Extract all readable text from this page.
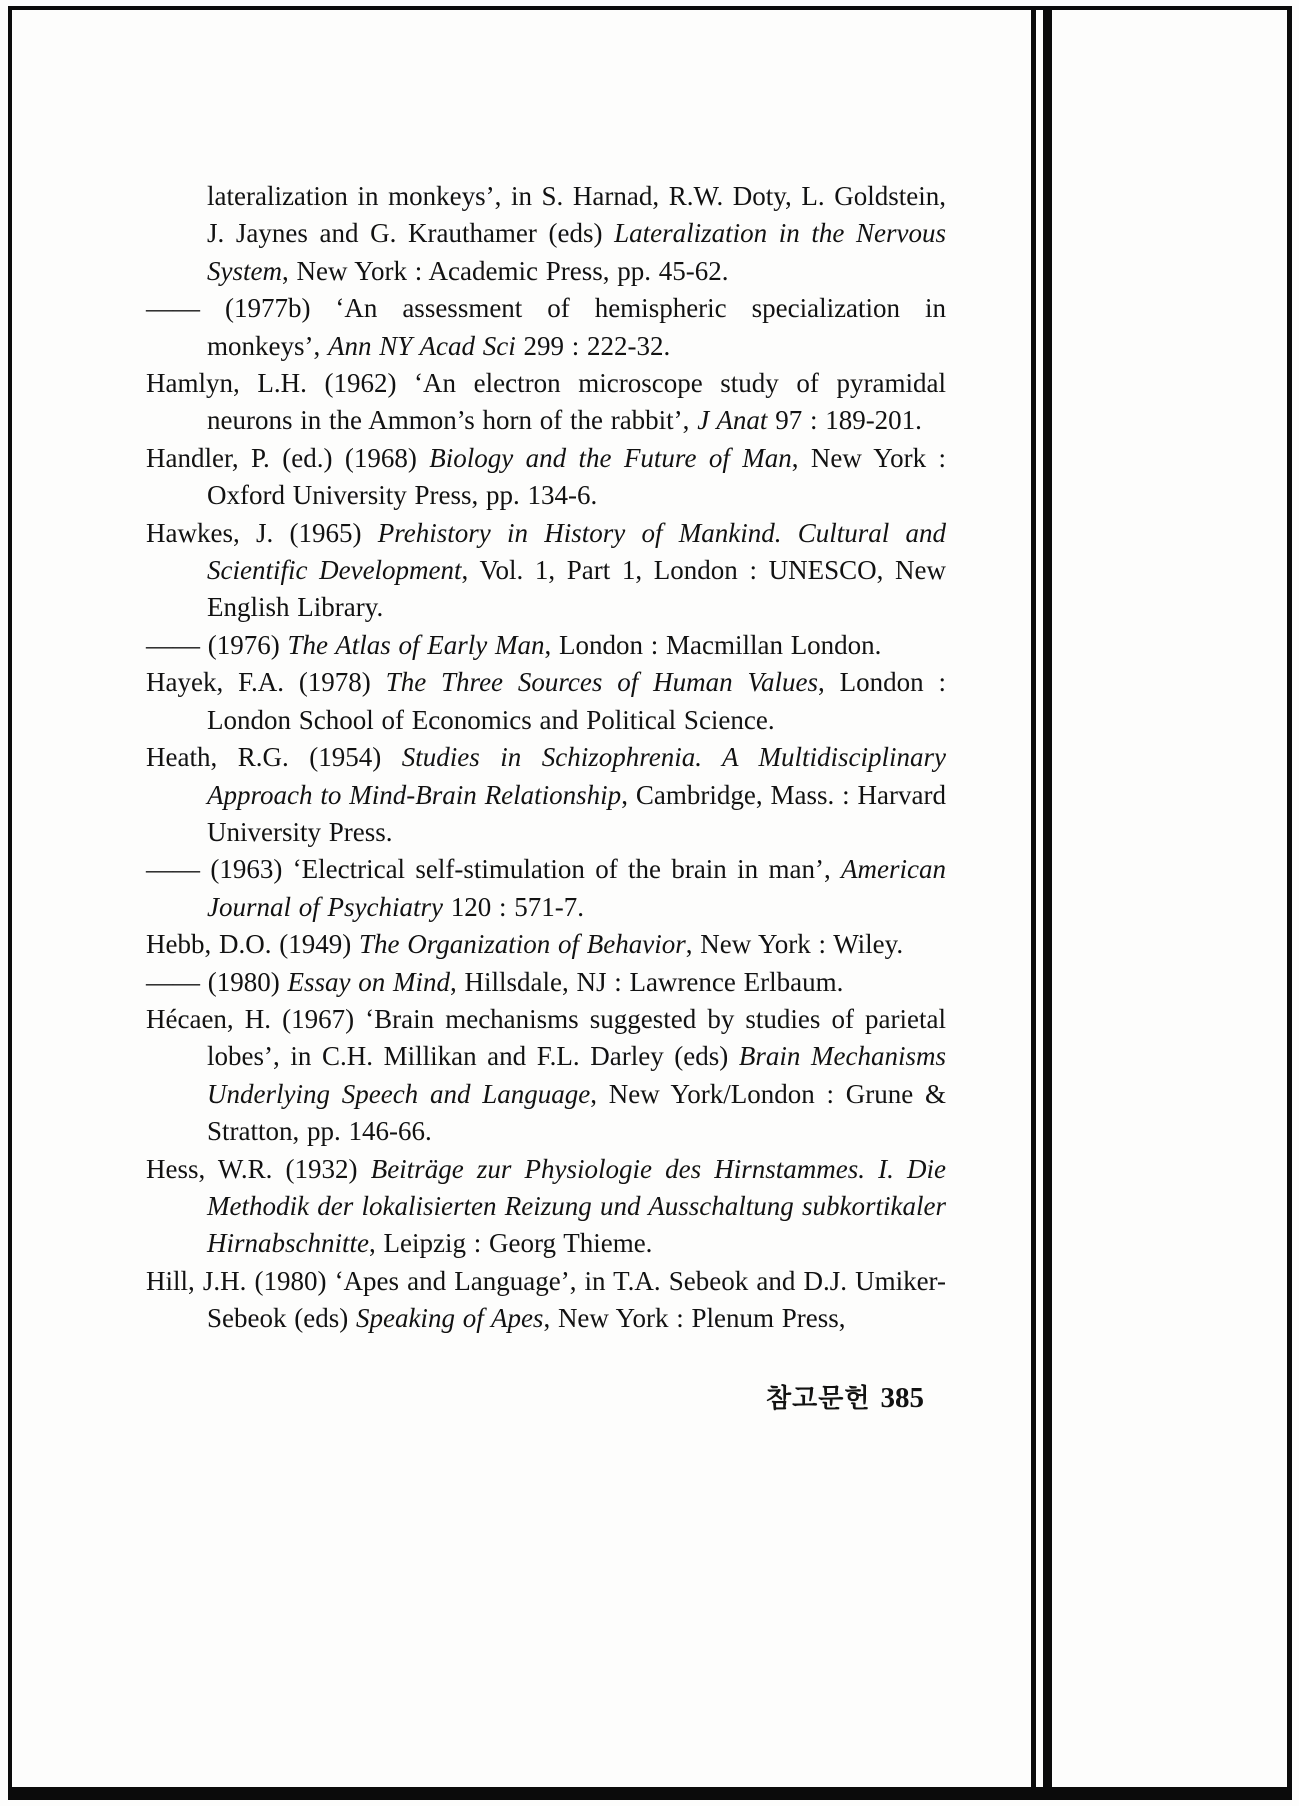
lateralization in monkeys’, in S. Harnad, R.W. Doty, L. Goldstein, J. Jaynes and G. Krauthamer (eds) Lateralization in the Nervous System, New York : Academic Press, pp. 45-62.

—— (1977b) ‘An assessment of hemispheric specialization in monkeys’, Ann NY Acad Sci 299 : 222-32.

Hamlyn, L.H. (1962) ‘An electron microscope study of pyramidal neurons in the Ammon’s horn of the rabbit’, J Anat 97 : 189-201.

Handler, P. (ed.) (1968) Biology and the Future of Man, New York : Oxford University Press, pp. 134-6.

Hawkes, J. (1965) Prehistory in History of Mankind. Cultural and Scientific Development, Vol. 1, Part 1, London : UNESCO, New English Library.

—— (1976) The Atlas of Early Man, London : Macmillan London.

Hayek, F.A. (1978) The Three Sources of Human Values, London : London School of Economics and Political Science.

Heath, R.G. (1954) Studies in Schizophrenia. A Multidisciplinary Approach to Mind-Brain Relationship, Cambridge, Mass. : Harvard University Press.

—— (1963) ‘Electrical self-stimulation of the brain in man’, American Journal of Psychiatry 120 : 571-7.

Hebb, D.O. (1949) The Organization of Behavior, New York : Wiley.

—— (1980) Essay on Mind, Hillsdale, NJ : Lawrence Erlbaum.

Hécaen, H. (1967) ‘Brain mechanisms suggested by studies of parietal lobes’, in C.H. Millikan and F.L. Darley (eds) Brain Mechanisms Underlying Speech and Language, New York/London : Grune & Stratton, pp. 146-66.

Hess, W.R. (1932) Beiträge zur Physiologie des Hirnstammes. I. Die Methodik der lokalisierten Reizung und Ausschaltung subkortikaler Hirnabschnitte, Leipzig : Georg Thieme.

Hill, J.H. (1980) ‘Apes and Language’, in T.A. Sebeok and D.J. Umiker-Sebeok (eds) Speaking of Apes, New York : Plenum Press,

참고문헌 385
